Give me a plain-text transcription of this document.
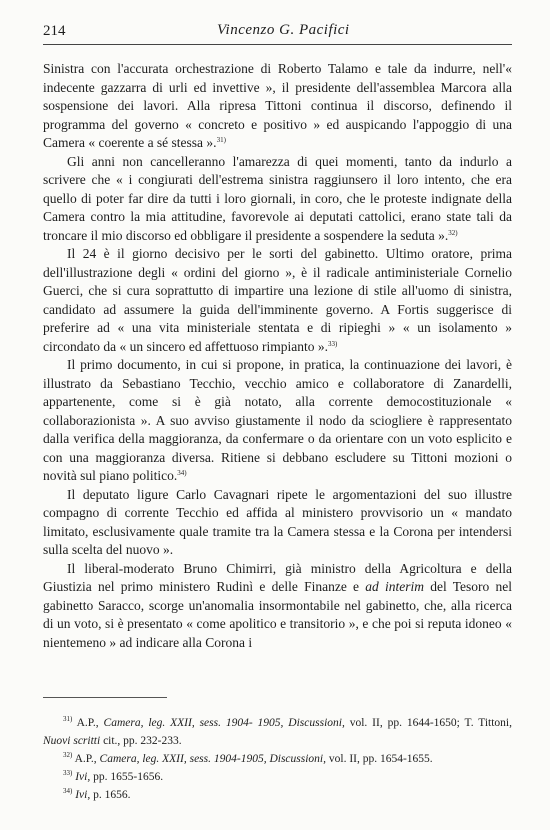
214	Vincenzo G. Pacifici

Sinistra con l'accurata orchestrazione di Roberto Talamo e tale da indurre, nell'« indecente gazzarra di urli ed invettive », il presidente dell'assemblea Marcora alla sospensione dei lavori. Alla ripresa Tittoni continua il discorso, definendo il programma del governo « concreto e positivo » ed auspicando l'appoggio di una Camera « coerente a sé stessa ».$^{31)}$

Gli anni non cancelleranno l'amarezza di quei momenti, tanto da indurlo a scrivere che « i congiurati dell'estrema sinistra raggiunsero il loro intento, che era quello di poter far dire da tutti i loro giornali, in coro, che le proteste indignate della Camera contro la mia attitudine, favorevole ai deputati cattolici, erano state tali da troncare il mio discorso ed obbligare il presidente a sospendere la seduta ».$^{32)}$

Il 24 è il giorno decisivo per le sorti del gabinetto. Ultimo oratore, prima dell'illustrazione degli « ordini del giorno », è il radicale antiministeriale Cornelio Guerci, che si cura soprattutto di impartire una lezione di stile all'uomo di sinistra, candidato ad assumere la guida dell'imminente governo. A Fortis suggerisce di preferire ad « una vita ministeriale stentata e di ripieghi » « un isolamento » circondato da « un sincero ed affettuoso rimpianto ».$^{33)}$

Il primo documento, in cui si propone, in pratica, la continuazione dei lavori, è illustrato da Sebastiano Tecchio, vecchio amico e collaboratore di Zanardelli, appartenente, come si è già notato, alla corrente democostituzionale « collaborazionista ». A suo avviso giustamente il nodo da sciogliere è rappresentato dalla verifica della maggioranza, da confermare o da orientare con un voto esplicito e con una maggioranza diversa. Ritiene si debbano escludere su Tittoni mozioni o novità sul piano politico.$^{34)}$

Il deputato ligure Carlo Cavagnari ripete le argomentazioni del suo illustre compagno di corrente Tecchio ed affida al ministero provvisorio un « mandato limitato, esclusivamente quale tramite tra la Camera stessa e la Corona per intendersi sulla scelta del nuovo ».

Il liberal-moderato Bruno Chimirri, già ministro della Agricoltura e della Giustizia nel primo ministero Rudinì e delle Finanze e ad interim del Tesoro nel gabinetto Saracco, scorge un'anomalia insormontabile nel gabinetto, che, alla ricerca di un voto, si è presentato « come apolitico e transitorio », e che poi si reputa idoneo « nientemeno » ad indicare alla Corona i

$^{31)}$ A.P., Camera, leg. XXII, sess. 1904- 1905, Discussioni, vol. II, pp. 1644-1650; T. Tittoni, Nuovi scritti cit., pp. 232-233.

$^{32)}$ A.P., Camera, leg. XXII, sess. 1904-1905, Discussioni, vol. II, pp. 1654-1655.

$^{33)}$ Ivi, pp. 1655-1656.

$^{34)}$ Ivi, p. 1656.
